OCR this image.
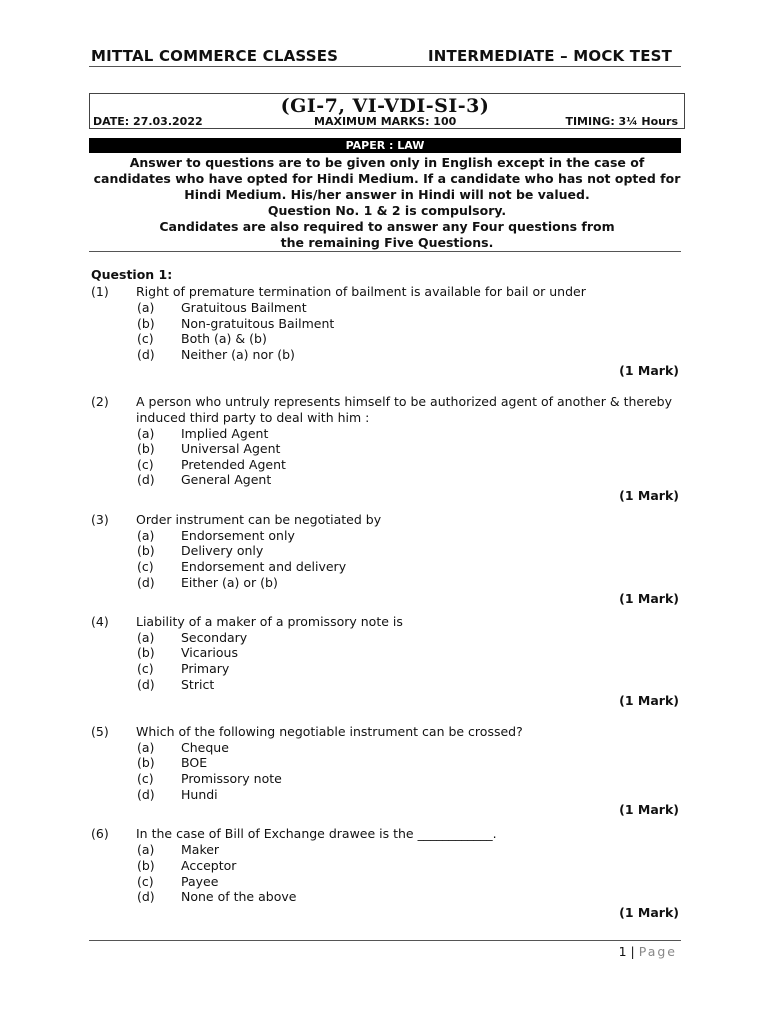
MITTAL COMMERCE CLASSES	INTERMEDIATE – MOCK TEST
(GI-7, VI-VDI-SI-3)
DATE: 27.03.2022	MAXIMUM MARKS: 100	TIMING: 3¼ Hours
PAPER : LAW
Answer to questions are to be given only in English except in the case of
candidates who have opted for Hindi Medium. If a candidate who has not opted for
Hindi Medium. His/her answer in Hindi will not be valued.
Question No. 1 & 2 is compulsory.
Candidates are also required to answer any Four questions from
the remaining Five Questions.
Question 1:
(1) Right of premature termination of bailment is available for bail or under
(a) Gratuitous Bailment
(b) Non-gratuitous Bailment
(c) Both (a) & (b)
(d) Neither (a) nor (b)
(1 Mark)
(2) A person who untruly represents himself to be authorized agent of another & thereby
induced third party to deal with him :
(a) Implied Agent
(b) Universal Agent
(c) Pretended Agent
(d) General Agent
(1 Mark)
(3) Order instrument can be negotiated by
(a) Endorsement only
(b) Delivery only
(c) Endorsement and delivery
(d) Either (a) or (b)
(1 Mark)
(4) Liability of a maker of a promissory note is
(a) Secondary
(b) Vicarious
(c) Primary
(d) Strict
(1 Mark)
(5) Which of the following negotiable instrument can be crossed?
(a) Cheque
(b) BOE
(c) Promissory note
(d) Hundi
(1 Mark)
(6) In the case of Bill of Exchange drawee is the ____________.
(a) Maker
(b) Acceptor
(c) Payee
(d) None of the above
(1 Mark)
1 | Page
